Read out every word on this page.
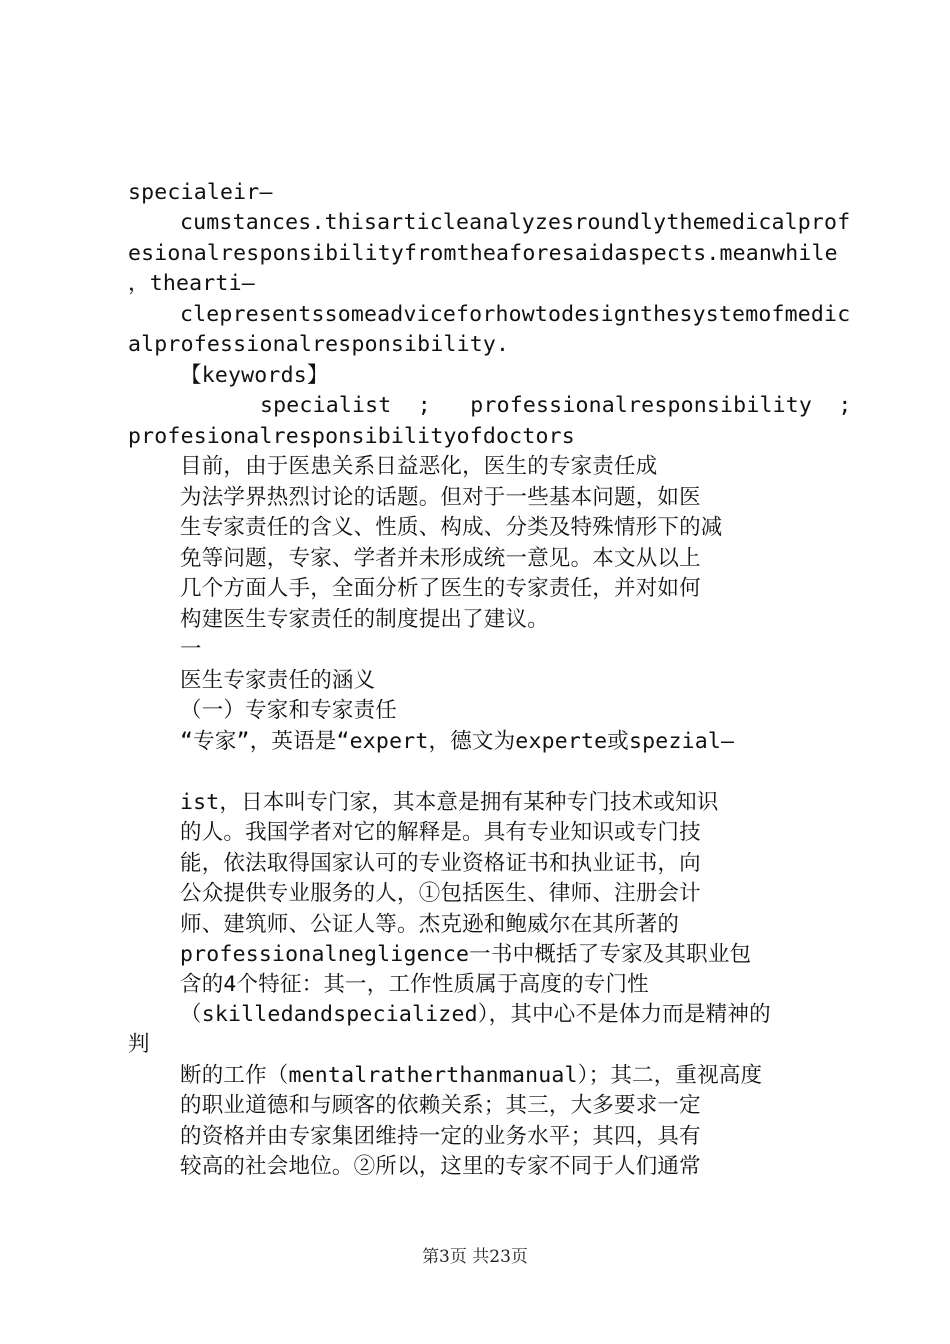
specialeir—
cumstances.thisarticleanalyzesroundlythemedicalprof
esionalresponsibilityfromtheaforesaidaspects.meanwhile
，thearti—
clepresentssomeadviceforhowtodesignthesystemofmedic
alprofessionalresponsibility.
【keywords】
specialist  ;   professionalresponsibility  ;
profesionalresponsibilityofdoctors
目前，由于医患关系日益恶化，医生的专家责任成
为法学界热烈讨论的话题。但对于一些基本问题，如医
生专家责任的含义、性质、构成、分类及特殊情形下的减
免等问题，专家、学者并未形成统一意见。本文从以上
几个方面人手，全面分析了医生的专家责任，并对如何
构建医生专家责任的制度提出了建议。
一
医生专家责任的涵义
（一）专家和专家责任
“专家”，英语是“expert，德文为experte或spezial—
ist，日本叫专门家，其本意是拥有某种专门技术或知识
的人。我国学者对它的解释是。具有专业知识或专门技
能，依法取得国家认可的专业资格证书和执业证书，向
公众提供专业服务的人，①包括医生、律师、注册会计
师、建筑师、公证人等。杰克逊和鲍威尔在其所著的
professionalnegligence一书中概括了专家及其职业包
含的4个特征：其一，工作性质属于高度的专门性
（skilledandspecialized），其中心不是体力而是精神的
判
断的工作（mentalratherthanmanual）；其二，重视高度
的职业道德和与顾客的依赖关系；其三，大多要求一定
的资格并由专家集团维持一定的业务水平；其四，具有
较高的社会地位。②所以，这里的专家不同于人们通常
第3页 共23页
